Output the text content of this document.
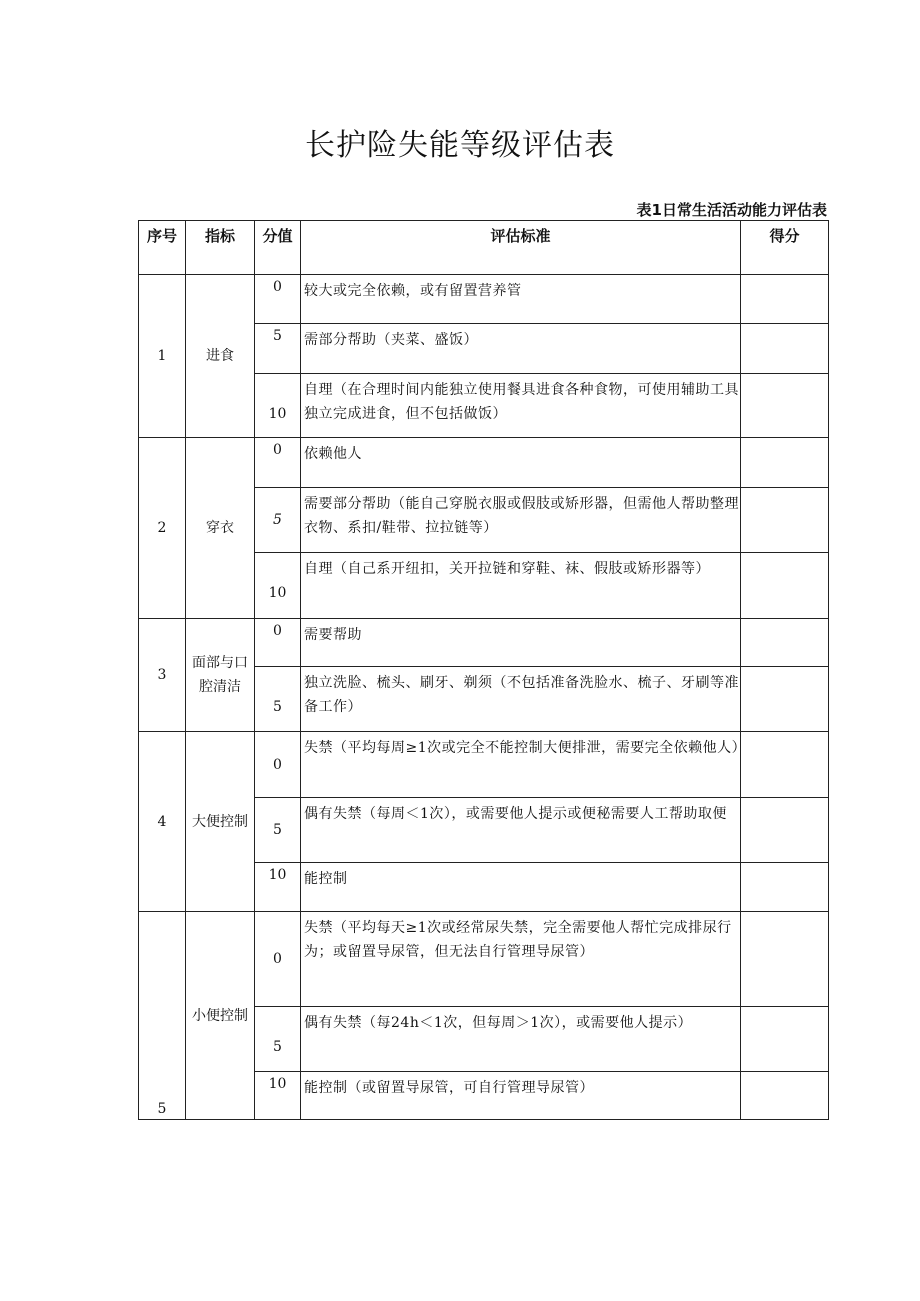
长护险失能等级评估表
表1日常生活活动能力评估表
序号	指标	分值	评估标准	得分
1	进食	0	较大或完全依赖，或有留置营养管	
		5	需部分帮助（夹菜、盛饭）	
		10	自理（在合理时间内能独立使用餐具进食各种食物，可使用辅助工具独立完成进食，但不包括做饭）	
2	穿衣	0	依赖他人	
		5	需要部分帮助（能自己穿脱衣服或假肢或矫形器，但需他人帮助整理衣物、系扣/鞋带、拉拉链等）	
		10	自理（自己系开纽扣，关开拉链和穿鞋、袜、假肢或矫形器等）	
3	面部与口腔清洁	0	需要帮助	
		5	独立洗脸、梳头、刷牙、剃须（不包括准备洗脸水、梳子、牙刷等准备工作）	
4	大便控制	0	失禁（平均每周≥1次或完全不能控制大便排泄，需要完全依赖他人）	
		5	偶有失禁（每周＜1次），或需要他人提示或便秘需要人工帮助取便	
		10	能控制	
5	小便控制	0	失禁（平均每天≥1次或经常尿失禁，完全需要他人帮忙完成排尿行为；或留置导尿管，但无法自行管理导尿管）	
		5	偶有失禁（每24h＜1次，但每周＞1次），或需要他人提示）	
		10	能控制（或留置导尿管，可自行管理导尿管）	
